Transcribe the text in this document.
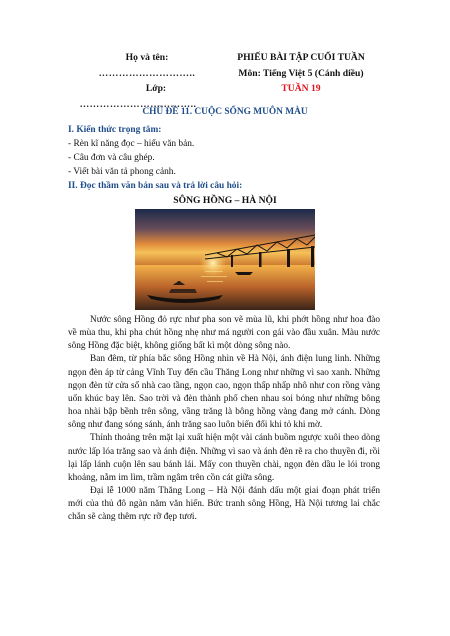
Họ và tên:

………………………..
Lớp:
……………………………..
PHIẾU BÀI TẬP CUỐI TUẦN
Môn: Tiếng Việt 5 (Cánh diều)
TUẦN 19
CHỦ ĐỀ 11. CUỘC SỐNG MUÔN MÀU
I. Kiến thức trọng tâm:
- Rèn kĩ năng đọc – hiểu văn bản.
- Câu đơn và câu ghép.
- Viết bài văn tả phong cảnh.
II. Đọc thầm văn bản sau và trả lời câu hỏi:
SÔNG HỒNG – HÀ NỘI

Nước sông Hồng đỏ rực như pha son vẽ mùa lũ, khi phớt hồng như hoa đào về mùa thu, khi pha chút hồng nhẹ như má người con gái vào đầu xuân. Màu nước sông Hồng đặc biệt, không giống bất kì một dòng sông nào.

Ban đêm, từ phía bắc sông Hồng nhìn về Hà Nội, ánh điện lung linh. Những ngọn đèn áp từ cảng Vĩnh Tuy đến cầu Thăng Long như những vì sao xanh. Những ngọn đèn từ cửa sổ nhà cao tầng, ngọn cao, ngọn thấp nhấp nhô như con rồng vàng uốn khúc bay lên. Sao trời và đèn thành phố chen nhau soi bóng như những bông hoa nhài bập bềnh trên sông, vầng trăng là bông hồng vàng đang mở cánh. Dòng sông như đang sóng sánh, ánh trăng sao luôn biến đổi khi tỏ khi mờ.

Thỉnh thoảng trên mặt lại xuất hiện một vài cánh buồm ngược xuôi theo dòng nước lấp lóa trăng sao và ánh điện. Những vì sao và ánh đèn rẽ ra cho thuyền đi, rồi lại lấp lánh cuộn lên sau bánh lái. Mấy con thuyền chài, ngọn đèn dầu le lói trong khoảng, nằm im lìm, trầm ngâm trên cồn cát giữa sông.

Đại lễ 1000 năm Thăng Long – Hà Nội đánh dấu một giai đoạn phát triển mới của thủ đô ngàn năm văn hiến. Bức tranh sông Hồng, Hà Nội tương lai chắc chắn sẽ càng thêm rực rỡ đẹp tươi.
